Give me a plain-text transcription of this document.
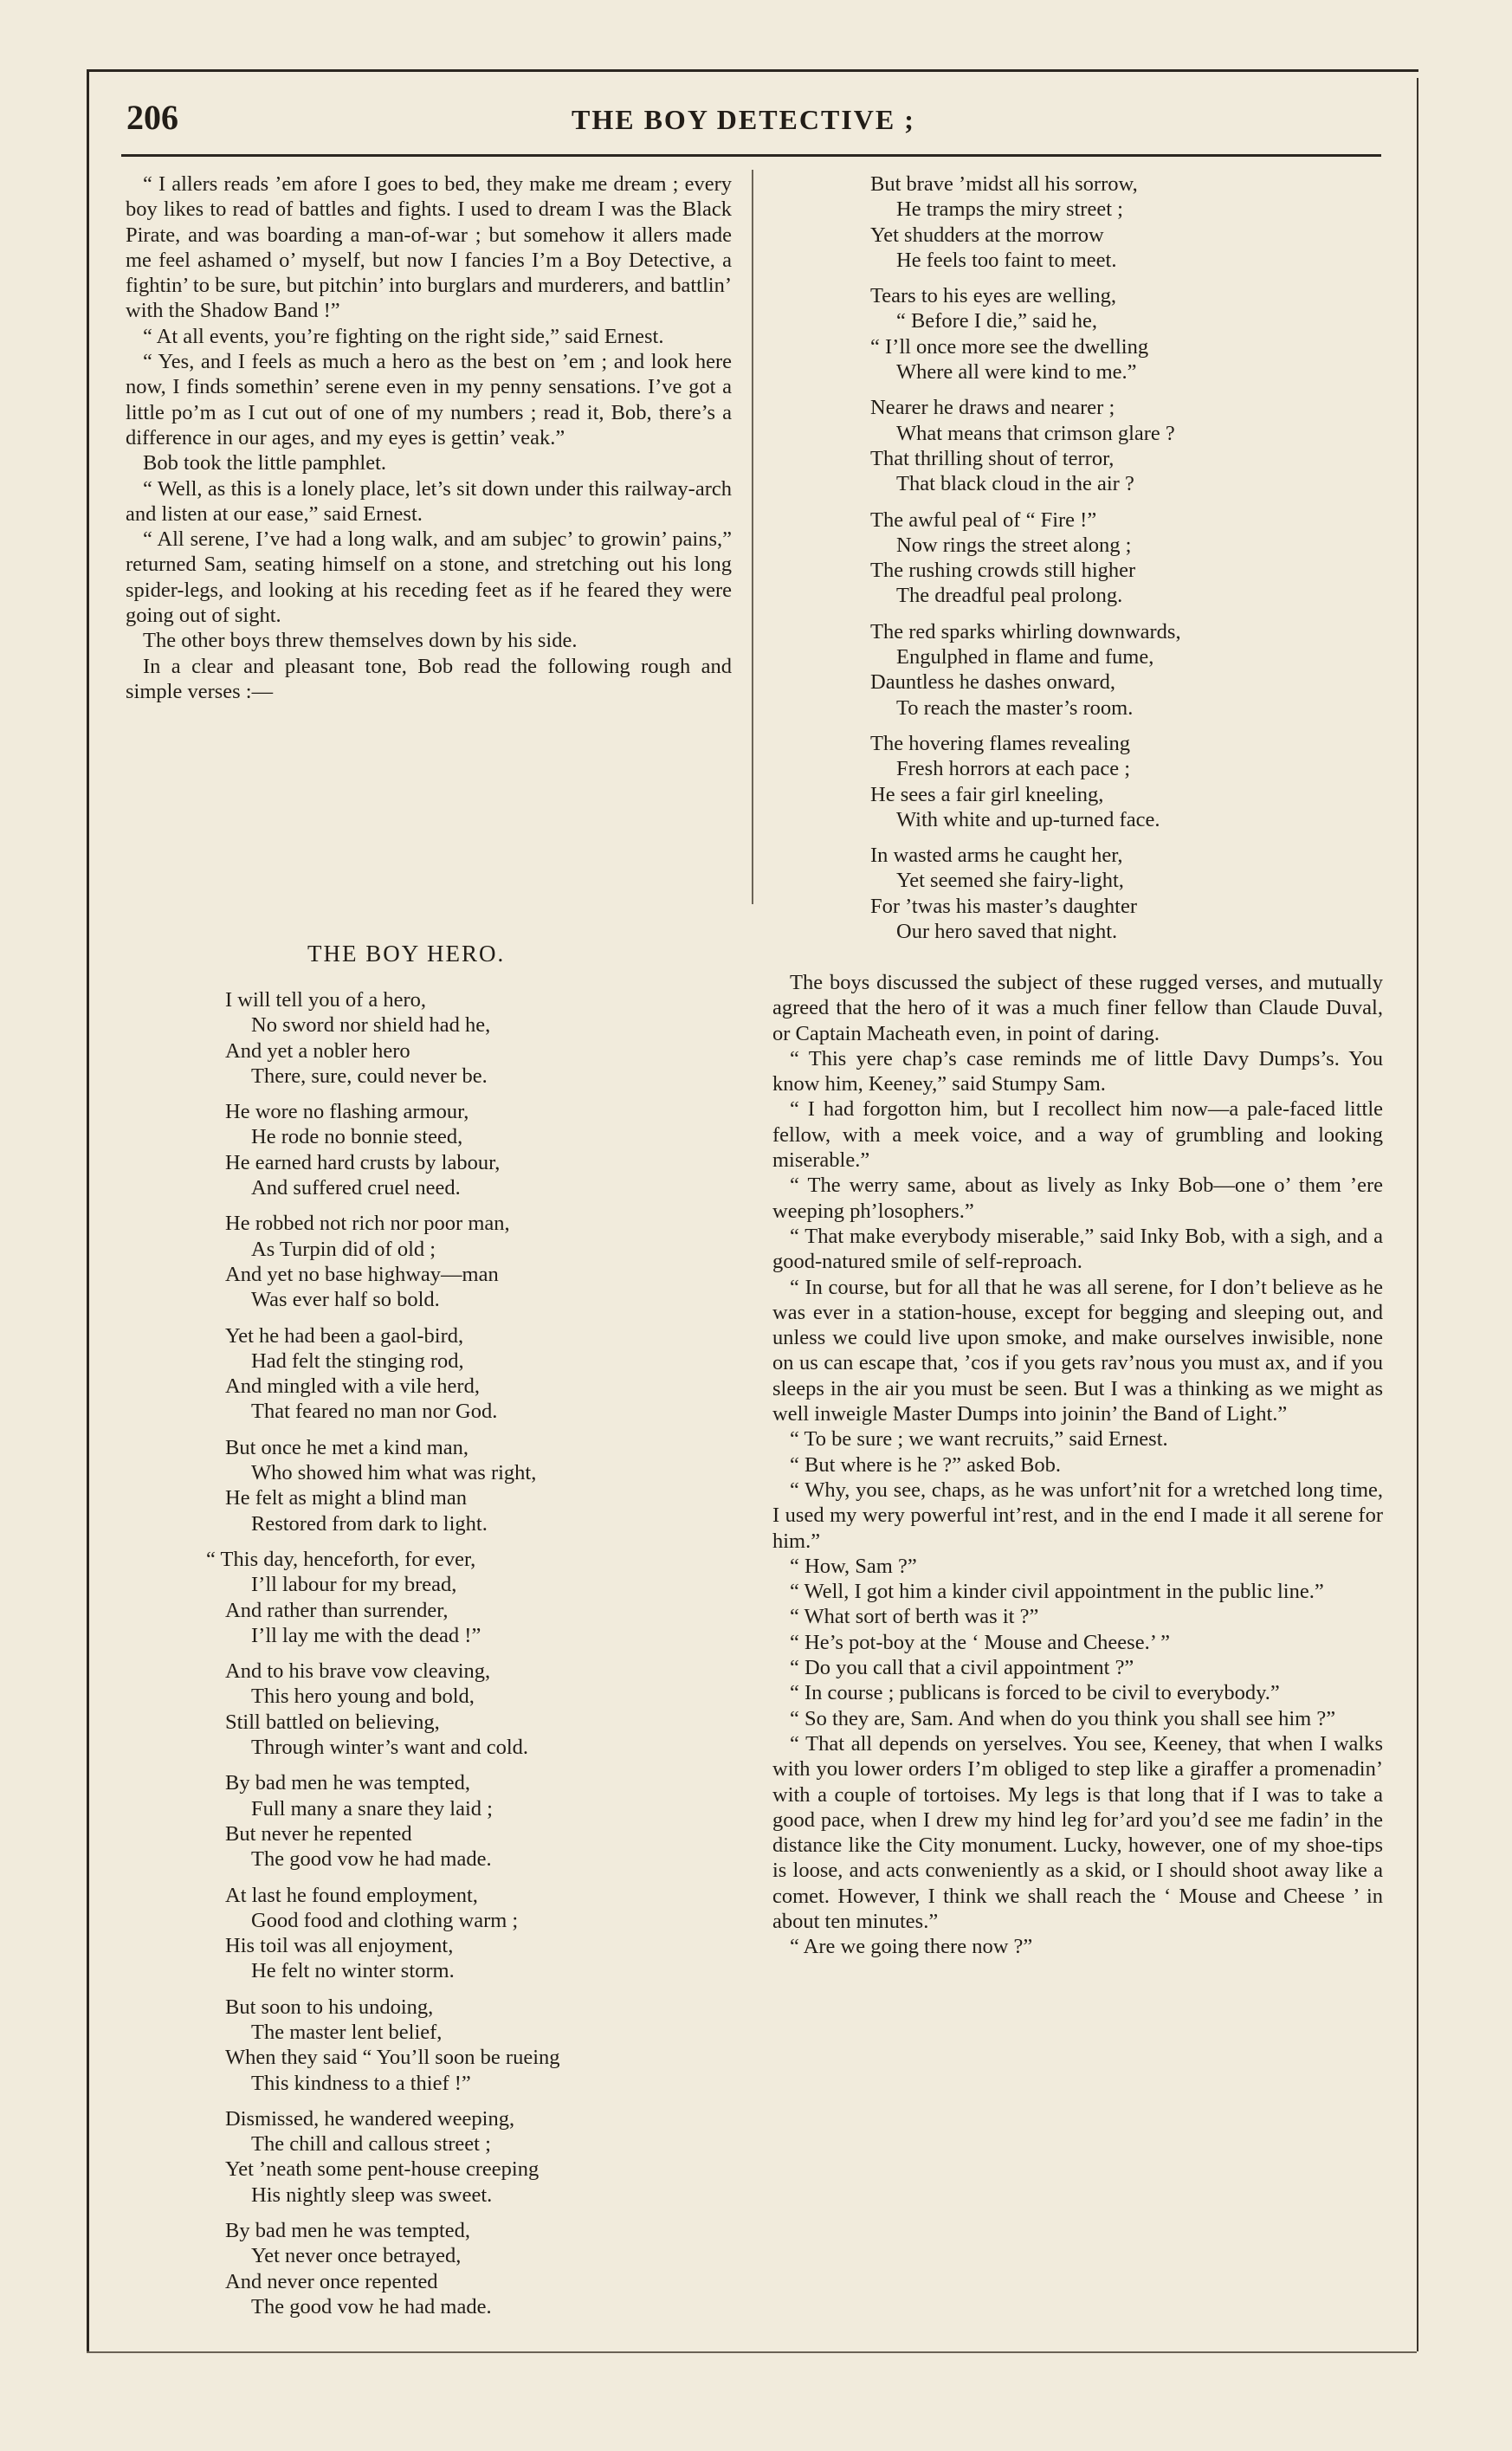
206	THE BOY DETECTIVE ;

“ I allers reads ’em afore I goes to bed, they make me dream ; every boy likes to read of battles and fights. I used to dream I was the Black Pirate, and was boarding a man-of-war ; but somehow it allers made me feel ashamed o’ myself, but now I fancies I’m a Boy Detective, a fightin’ to be sure, but pitchin’ into burglars and murderers, and battlin’ with the Shadow Band !”

“ At all events, you’re fighting on the right side,” said Ernest.

“ Yes, and I feels as much a hero as the best on ’em ; and look here now, I finds somethin’ serene even in my penny sensations. I’ve got a little po’m as I cut out of one of my numbers ; read it, Bob, there’s a difference in our ages, and my eyes is gettin’ veak.”

Bob took the little pamphlet.

“ Well, as this is a lonely place, let’s sit down under this railway-arch and listen at our ease,” said Ernest.

“ All serene, I’ve had a long walk, and am subjec’ to growin’ pains,” returned Sam, seating himself on a stone, and stretching out his long spider-legs, and looking at his receding feet as if he feared they were going out of sight.

The other boys threw themselves down by his side.

In a clear and pleasant tone, Bob read the following rough and simple verses :—

THE BOY HERO.
I will tell you of a hero,
No sword nor shield had he,
And yet a nobler hero
There, sure, could never be.
He wore no flashing armour,
He rode no bonnie steed,
He earned hard crusts by labour,
And suffered cruel need.
He robbed not rich nor poor man,
As Turpin did of old ;
And yet no base highway—man
Was ever half so bold.
Yet he had been a gaol-bird,
Had felt the stinging rod,
And mingled with a vile herd,
That feared no man nor God.
But once he met a kind man,
Who showed him what was right,
He felt as might a blind man
Restored from dark to light.
“ This day, henceforth, for ever,
I’ll labour for my bread,
And rather than surrender,
I’ll lay me with the dead !”
And to his brave vow cleaving,
This hero young and bold,
Still battled on believing,
Through winter’s want and cold.
By bad men he was tempted,
Full many a snare they laid ;
But never he repented
The good vow he had made.
At last he found employment,
Good food and clothing warm ;
His toil was all enjoyment,
He felt no winter storm.
But soon to his undoing,
The master lent belief,
When they said “ You’ll soon be rueing
This kindness to a thief !”
Dismissed, he wandered weeping,
The chill and callous street ;
Yet ’neath some pent-house creeping
His nightly sleep was sweet.
By bad men he was tempted,
Yet never once betrayed,
And never once repented
The good vow he had made.
But brave ’midst all his sorrow,
He tramps the miry street ;
Yet shudders at the morrow
He feels too faint to meet.
Tears to his eyes are welling,
“ Before I die,” said he,
“ I’ll once more see the dwelling
Where all were kind to me.”
Nearer he draws and nearer ;
What means that crimson glare ?
That thrilling shout of terror,
That black cloud in the air ?
The awful peal of “ Fire !”
Now rings the street along ;
The rushing crowds still higher
The dreadful peal prolong.
The red sparks whirling downwards,
Engulphed in flame and fume,
Dauntless he dashes onward,
To reach the master’s room.
The hovering flames revealing
Fresh horrors at each pace ;
He sees a fair girl kneeling,
With white and up-turned face.
In wasted arms he caught her,
Yet seemed she fairy-light,
For ’twas his master’s daughter
Our hero saved that night.

The boys discussed the subject of these rugged verses, and mutually agreed that the hero of it was a much finer fellow than Claude Duval, or Captain Macheath even, in point of daring.

“ This yere chap’s case reminds me of little Davy Dumps’s. You know him, Keeney,” said Stumpy Sam.

“ I had forgotton him, but I recollect him now—a pale-faced little fellow, with a meek voice, and a way of grumbling and looking miserable.”

“ The werry same, about as lively as Inky Bob—one o’ them ’ere weeping ph’losophers.”

“ That make everybody miserable,” said Inky Bob, with a sigh, and a good-natured smile of self-reproach.

“ In course, but for all that he was all serene, for I don’t believe as he was ever in a station-house, except for begging and sleeping out, and unless we could live upon smoke, and make ourselves inwisible, none on us can escape that, ’cos if you gets rav’nous you must ax, and if you sleeps in the air you must be seen. But I was a thinking as we might as well inweigle Master Dumps into joinin’ the Band of Light.”

“ To be sure ; we want recruits,” said Ernest.

“ But where is he ?” asked Bob.

“ Why, you see, chaps, as he was unfort’nit for a wretched long time, I used my wery powerful int’rest, and in the end I made it all serene for him.”

“ How, Sam ?”

“ Well, I got him a kinder civil appointment in the public line.”

“ What sort of berth was it ?”

“ He’s pot-boy at the ‘ Mouse and Cheese.’ ”

“ Do you call that a civil appointment ?”

“ In course ; publicans is forced to be civil to everybody.”

“ So they are, Sam. And when do you think you shall see him ?”

“ That all depends on yerselves. You see, Keeney, that when I walks with you lower orders I’m obliged to step like a giraffer a promenadin’ with a couple of tortoises. My legs is that long that if I was to take a good pace, when I drew my hind leg for’ard you’d see me fadin’ in the distance like the City monument. Lucky, however, one of my shoe-tips is loose, and acts conweniently as a skid, or I should shoot away like a comet. However, I think we shall reach the ‘ Mouse and Cheese ’ in about ten minutes.”

“ Are we going there now ?”
